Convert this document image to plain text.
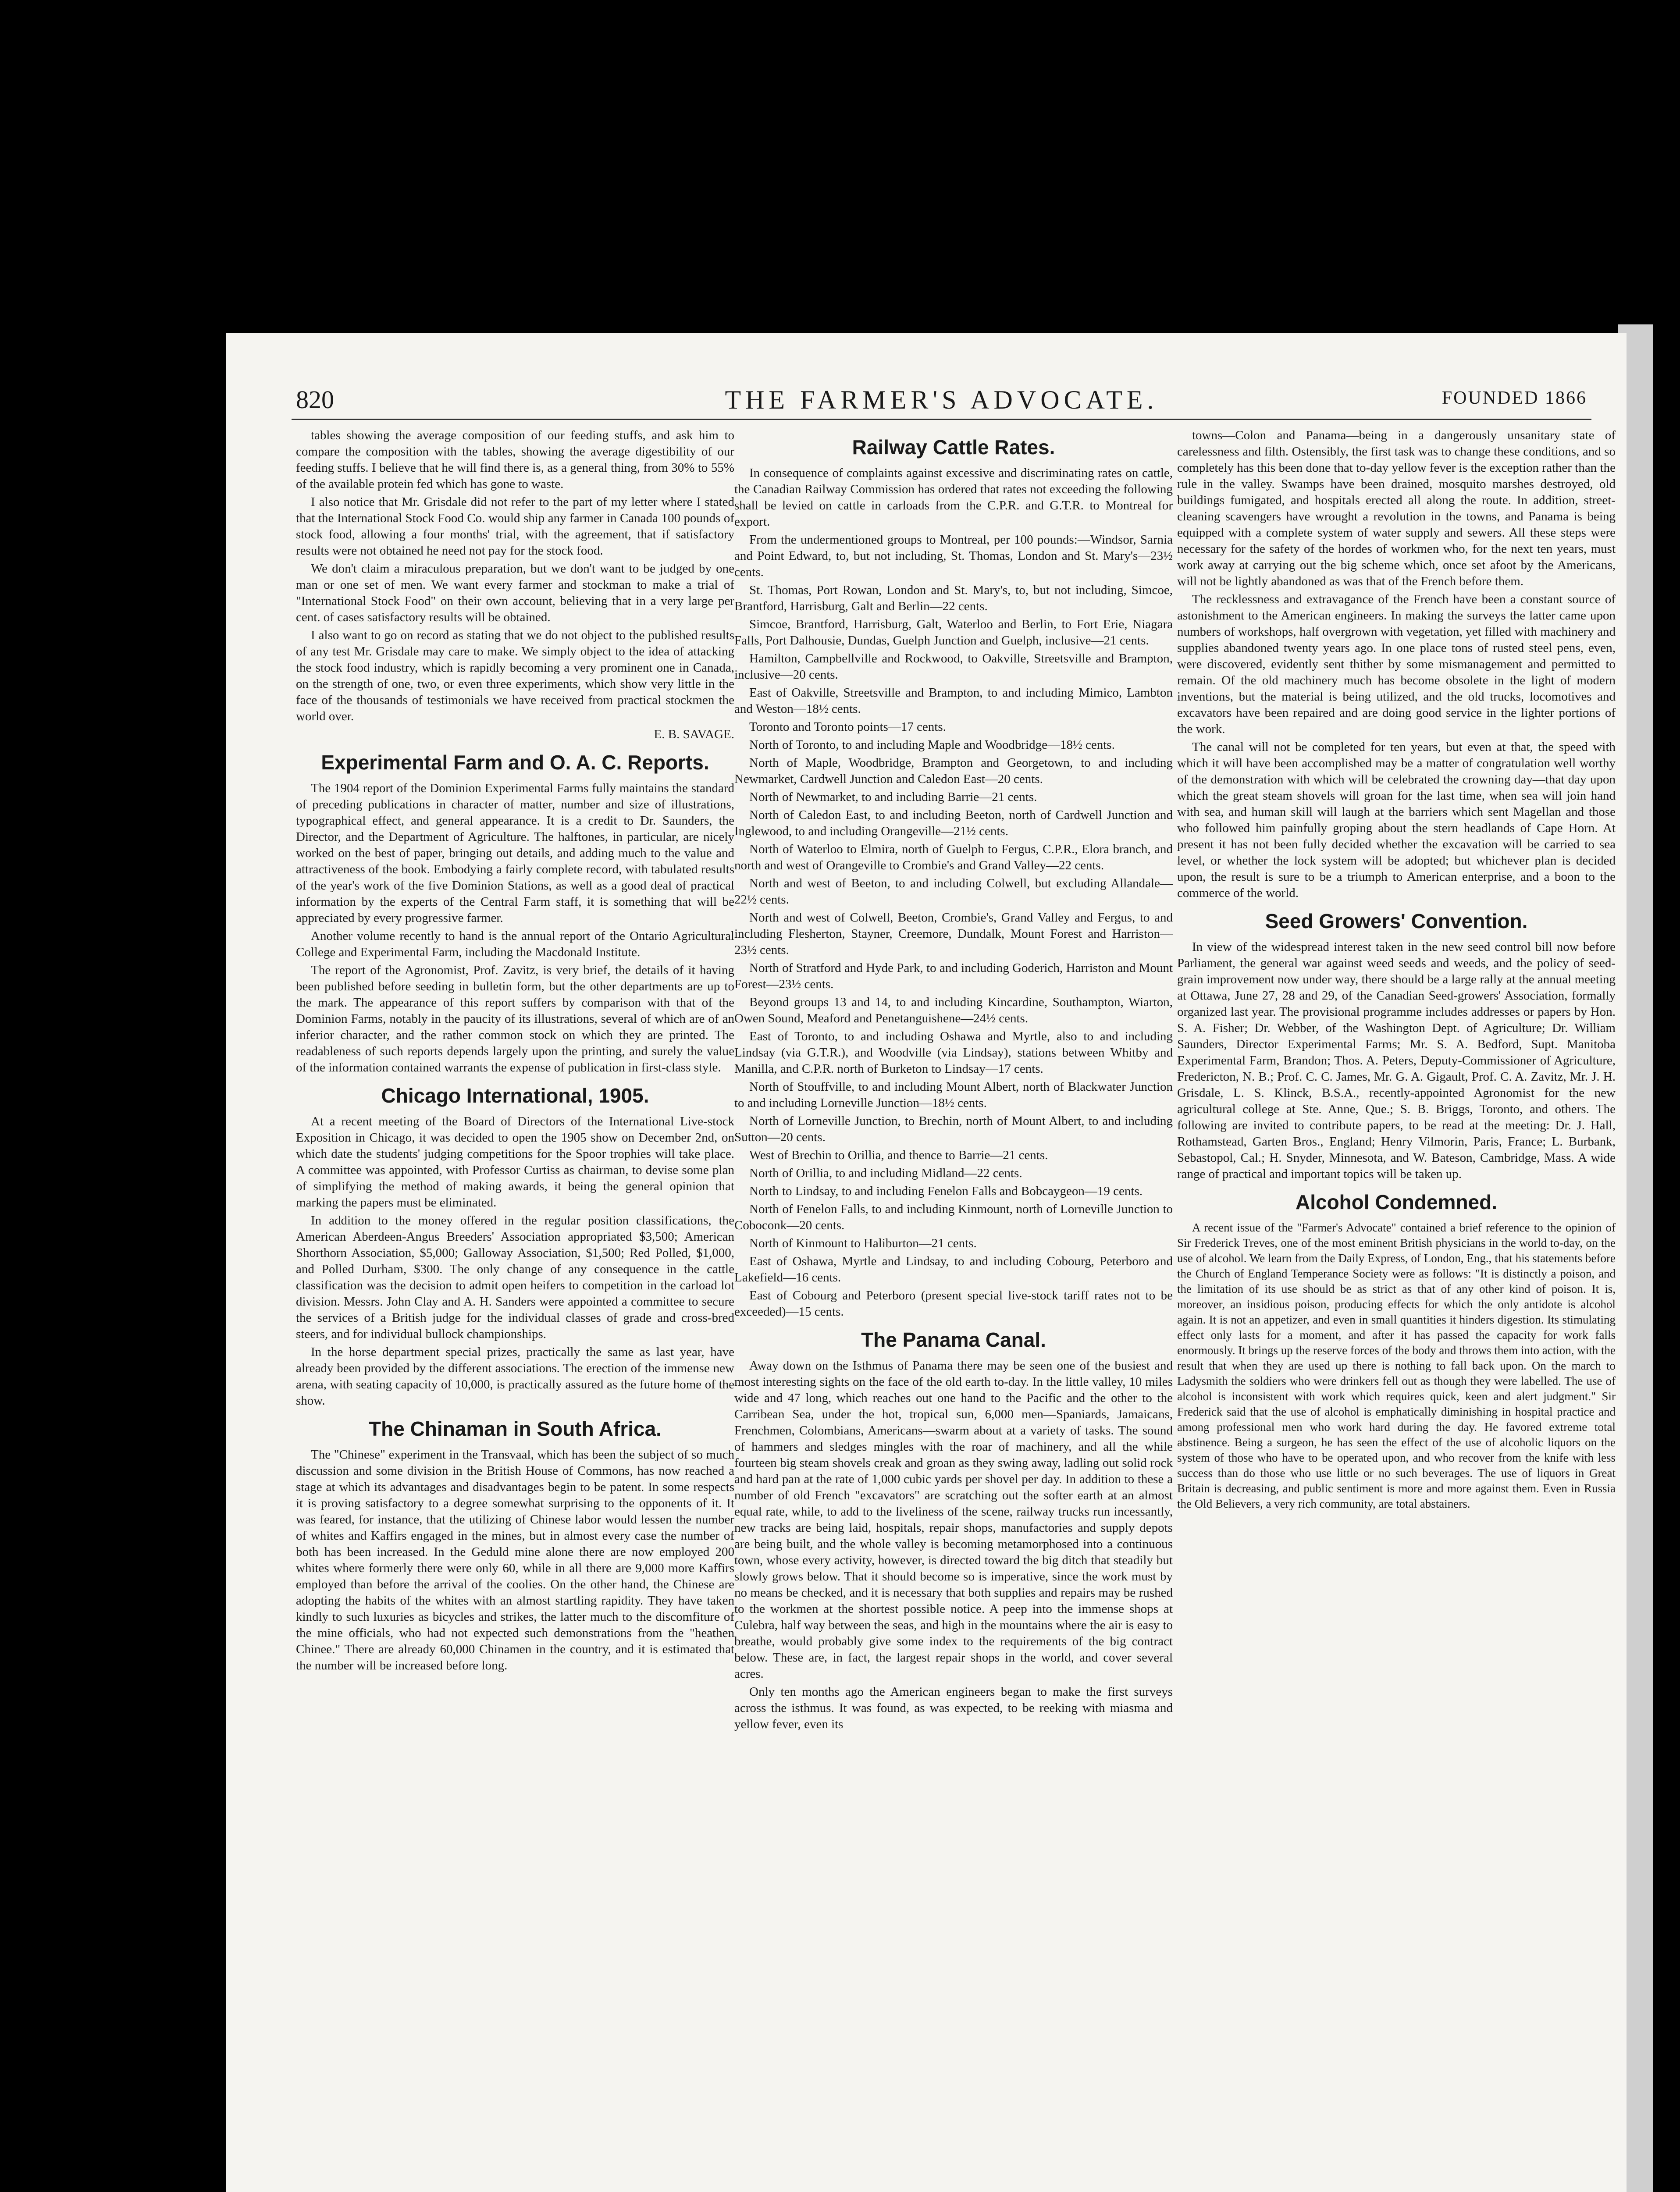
820	THE FARMER'S ADVOCATE.	FOUNDED 1866

tables showing the average composition of our feeding stuffs, and ask him to compare the composition with the tables, showing the average digestibility of our feeding stuffs. I believe that he will find there is, as a general thing, from 30% to 55% of the available protein fed which has gone to waste.

I also notice that Mr. Grisdale did not refer to the part of my letter where I stated that the International Stock Food Co. would ship any farmer in Canada 100 pounds of stock food, allowing a four months' trial, with the agreement, that if satisfactory results were not obtained he need not pay for the stock food.

We don't claim a miraculous preparation, but we don't want to be judged by one man or one set of men. We want every farmer and stockman to make a trial of "International Stock Food" on their own account, believing that in a very large per cent. of cases satisfactory results will be obtained.

I also want to go on record as stating that we do not object to the published results of any test Mr. Grisdale may care to make. We simply object to the idea of attacking the stock food industry, which is rapidly becoming a very prominent one in Canada, on the strength of one, two, or even three experiments, which show very little in the face of the thousands of testimonials we have received from practical stockmen the world over.

E. B. SAVAGE.

Experimental Farm and O. A. C. Reports.

The 1904 report of the Dominion Experimental Farms fully maintains the standard of preceding publications in character of matter, number and size of illustrations, typographical effect, and general appearance. It is a credit to Dr. Saunders, the Director, and the Department of Agriculture. The halftones, in particular, are nicely worked on the best of paper, bringing out details, and adding much to the value and attractiveness of the book. Embodying a fairly complete record, with tabulated results of the year's work of the five Dominion Stations, as well as a good deal of practical information by the experts of the Central Farm staff, it is something that will be appreciated by every progressive farmer.

Another volume recently to hand is the annual report of the Ontario Agricultural College and Experimental Farm, including the Macdonald Institute.

The report of the Agronomist, Prof. Zavitz, is very brief, the details of it having been published before seeding in bulletin form, but the other departments are up to the mark. The appearance of this report suffers by comparison with that of the Dominion Farms, notably in the paucity of its illustrations, several of which are of an inferior character, and the rather common stock on which they are printed. The readableness of such reports depends largely upon the printing, and surely the value of the information contained warrants the expense of publication in first-class style.

Chicago International, 1905.

At a recent meeting of the Board of Directors of the International Live-stock Exposition in Chicago, it was decided to open the 1905 show on December 2nd, on which date the students' judging competitions for the Spoor trophies will take place. A committee was appointed, with Professor Curtiss as chairman, to devise some plan of simplifying the method of making awards, it being the general opinion that marking the papers must be eliminated.

In addition to the money offered in the regular position classifications, the American Aberdeen-Angus Breeders' Association appropriated $3,500; American Shorthorn Association, $5,000; Galloway Association, $1,500; Red Polled, $1,000, and Polled Durham, $300. The only change of any consequence in the cattle classification was the decision to admit open heifers to competition in the carload lot division. Messrs. John Clay and A. H. Sanders were appointed a committee to secure the services of a British judge for the individual classes of grade and cross-bred steers, and for individual bullock championships.

In the horse department special prizes, practically the same as last year, have already been provided by the different associations. The erection of the immense new arena, with seating capacity of 10,000, is practically assured as the future home of the show.

The Chinaman in South Africa.

The "Chinese" experiment in the Transvaal, which has been the subject of so much discussion and some division in the British House of Commons, has now reached a stage at which its advantages and disadvantages begin to be patent. In some respects it is proving satisfactory to a degree somewhat surprising to the opponents of it. It was feared, for instance, that the utilizing of Chinese labor would lessen the number of whites and Kaffirs engaged in the mines, but in almost every case the number of both has been increased. In the Geduld mine alone there are now employed 200 whites where formerly there were only 60, while in all there are 9,000 more Kaffirs employed than before the arrival of the coolies. On the other hand, the Chinese are adopting the habits of the whites with an almost startling rapidity. They have taken kindly to such luxuries as bicycles and strikes, the latter much to the discomfiture of the mine officials, who had not expected such demonstrations from the "heathen Chinee." There are already 60,000 Chinamen in the country, and it is estimated that the number will be increased before long.

Railway Cattle Rates.

In consequence of complaints against excessive and discriminating rates on cattle, the Canadian Railway Commission has ordered that rates not exceeding the following shall be levied on cattle in carloads from the C.P.R. and G.T.R. to Montreal for export.

From the undermentioned groups to Montreal, per 100 pounds:—Windsor, Sarnia and Point Edward, to, but not including, St. Thomas, London and St. Mary's—23½ cents.

St. Thomas, Port Rowan, London and St. Mary's, to, but not including, Simcoe, Brantford, Harrisburg, Galt and Berlin—22 cents.

Simcoe, Brantford, Harrisburg, Galt, Waterloo and Berlin, to Fort Erie, Niagara Falls, Port Dalhousie, Dundas, Guelph Junction and Guelph, inclusive—21 cents.

Hamilton, Campbellville and Rockwood, to Oakville, Streetsville and Brampton, inclusive—20 cents.

East of Oakville, Streetsville and Brampton, to and including Mimico, Lambton and Weston—18½ cents.

Toronto and Toronto points—17 cents.

North of Toronto, to and including Maple and Woodbridge—18½ cents.

North of Maple, Woodbridge, Brampton and Georgetown, to and including Newmarket, Cardwell Junction and Caledon East—20 cents.

North of Newmarket, to and including Barrie—21 cents.

North of Caledon East, to and including Beeton, north of Cardwell Junction and Inglewood, to and including Orangeville—21½ cents.

North of Waterloo to Elmira, north of Guelph to Fergus, C.P.R., Elora branch, and north and west of Orangeville to Crombie's and Grand Valley—22 cents.

North and west of Beeton, to and including Colwell, but excluding Allandale—22½ cents.

North and west of Colwell, Beeton, Crombie's, Grand Valley and Fergus, to and including Flesherton, Stayner, Creemore, Dundalk, Mount Forest and Harriston—23½ cents.

North of Stratford and Hyde Park, to and including Goderich, Harriston and Mount Forest—23½ cents.

Beyond groups 13 and 14, to and including Kincardine, Southampton, Wiarton, Owen Sound, Meaford and Penetanguishene—24½ cents.

East of Toronto, to and including Oshawa and Myrtle, also to and including Lindsay (via G.T.R.), and Woodville (via Lindsay), stations between Whitby and Manilla, and C.P.R. north of Burketon to Lindsay—17 cents.

North of Stouffville, to and including Mount Albert, north of Blackwater Junction to and including Lorneville Junction—18½ cents.

North of Lorneville Junction, to Brechin, north of Mount Albert, to and including Sutton—20 cents.

West of Brechin to Orillia, and thence to Barrie—21 cents.

North of Orillia, to and including Midland—22 cents.

North to Lindsay, to and including Fenelon Falls and Bobcaygeon—19 cents.

North of Fenelon Falls, to and including Kinmount, north of Lorneville Junction to Coboconk—20 cents.

North of Kinmount to Haliburton—21 cents.

East of Oshawa, Myrtle and Lindsay, to and including Cobourg, Peterboro and Lakefield—16 cents.

East of Cobourg and Peterboro (present special live-stock tariff rates not to be exceeded)—15 cents.

The Panama Canal.

Away down on the Isthmus of Panama there may be seen one of the busiest and most interesting sights on the face of the old earth to-day. In the little valley, 10 miles wide and 47 long, which reaches out one hand to the Pacific and the other to the Carribean Sea, under the hot, tropical sun, 6,000 men—Spaniards, Jamaicans, Frenchmen, Colombians, Americans—swarm about at a variety of tasks. The sound of hammers and sledges mingles with the roar of machinery, and all the while fourteen big steam shovels creak and groan as they swing away, ladling out solid rock and hard pan at the rate of 1,000 cubic yards per shovel per day. In addition to these a number of old French "excavators" are scratching out the softer earth at an almost equal rate, while, to add to the liveliness of the scene, railway trucks run incessantly, new tracks are being laid, hospitals, repair shops, manufactories and supply depots are being built, and the whole valley is becoming metamorphosed into a continuous town, whose every activity, however, is directed toward the big ditch that steadily but slowly grows below. That it should become so is imperative, since the work must by no means be checked, and it is necessary that both supplies and repairs may be rushed to the workmen at the shortest possible notice. A peep into the immense shops at Culebra, half way between the seas, and high in the mountains where the air is easy to breathe, would probably give some index to the requirements of the big contract below. These are, in fact, the largest repair shops in the world, and cover several acres.

Only ten months ago the American engineers began to make the first surveys across the isthmus. It was found, as was expected, to be reeking with miasma and yellow fever, even its

towns—Colon and Panama—being in a dangerously unsanitary state of carelessness and filth. Ostensibly, the first task was to change these conditions, and so completely has this been done that to-day yellow fever is the exception rather than the rule in the valley. Swamps have been drained, mosquito marshes destroyed, old buildings fumigated, and hospitals erected all along the route. In addition, street-cleaning scavengers have wrought a revolution in the towns, and Panama is being equipped with a complete system of water supply and sewers. All these steps were necessary for the safety of the hordes of workmen who, for the next ten years, must work away at carrying out the big scheme which, once set afoot by the Americans, will not be lightly abandoned as was that of the French before them.

The recklessness and extravagance of the French have been a constant source of astonishment to the American engineers. In making the surveys the latter came upon numbers of workshops, half overgrown with vegetation, yet filled with machinery and supplies abandoned twenty years ago. In one place tons of rusted steel pens, even, were discovered, evidently sent thither by some mismanagement and permitted to remain. Of the old machinery much has become obsolete in the light of modern inventions, but the material is being utilized, and the old trucks, locomotives and excavators have been repaired and are doing good service in the lighter portions of the work.

The canal will not be completed for ten years, but even at that, the speed with which it will have been accomplished may be a matter of congratulation well worthy of the demonstration with which will be celebrated the crowning day—that day upon which the great steam shovels will groan for the last time, when sea will join hand with sea, and human skill will laugh at the barriers which sent Magellan and those who followed him painfully groping about the stern headlands of Cape Horn. At present it has not been fully decided whether the excavation will be carried to sea level, or whether the lock system will be adopted; but whichever plan is decided upon, the result is sure to be a triumph to American enterprise, and a boon to the commerce of the world.

Seed Growers' Convention.

In view of the widespread interest taken in the new seed control bill now before Parliament, the general war against weed seeds and weeds, and the policy of seed-grain improvement now under way, there should be a large rally at the annual meeting at Ottawa, June 27, 28 and 29, of the Canadian Seed-growers' Association, formally organized last year. The provisional programme includes addresses or papers by Hon. S. A. Fisher; Dr. Webber, of the Washington Dept. of Agriculture; Dr. William Saunders, Director Experimental Farms; Mr. S. A. Bedford, Supt. Manitoba Experimental Farm, Brandon; Thos. A. Peters, Deputy-Commissioner of Agriculture, Fredericton, N. B.; Prof. C. C. James, Mr. G. A. Gigault, Prof. C. A. Zavitz, Mr. J. H. Grisdale, L. S. Klinck, B.S.A., recently-appointed Agronomist for the new agricultural college at Ste. Anne, Que.; S. B. Briggs, Toronto, and others. The following are invited to contribute papers, to be read at the meeting: Dr. J. Hall, Rothamstead, Garten Bros., England; Henry Vilmorin, Paris, France; L. Burbank, Sebastopol, Cal.; H. Snyder, Minnesota, and W. Bateson, Cambridge, Mass. A wide range of practical and important topics will be taken up.

Alcohol Condemned.

A recent issue of the "Farmer's Advocate" contained a brief reference to the opinion of Sir Frederick Treves, one of the most eminent British physicians in the world to-day, on the use of alcohol. We learn from the Daily Express, of London, Eng., that his statements before the Church of England Temperance Society were as follows: "It is distinctly a poison, and the limitation of its use should be as strict as that of any other kind of poison. It is, moreover, an insidious poison, producing effects for which the only antidote is alcohol again. It is not an appetizer, and even in small quantities it hinders digestion. Its stimulating effect only lasts for a moment, and after it has passed the capacity for work falls enormously. It brings up the reserve forces of the body and throws them into action, with the result that when they are used up there is nothing to fall back upon. On the march to Ladysmith the soldiers who were drinkers fell out as though they were labelled. The use of alcohol is inconsistent with work which requires quick, keen and alert judgment." Sir Frederick said that the use of alcohol is emphatically diminishing in hospital practice and among professional men who work hard during the day. He favored extreme total abstinence. Being a surgeon, he has seen the effect of the use of alcoholic liquors on the system of those who have to be operated upon, and who recover from the knife with less success than do those who use little or no such beverages. The use of liquors in Great Britain is decreasing, and public sentiment is more and more against them. Even in Russia the Old Believers, a very rich community, are total abstainers.
